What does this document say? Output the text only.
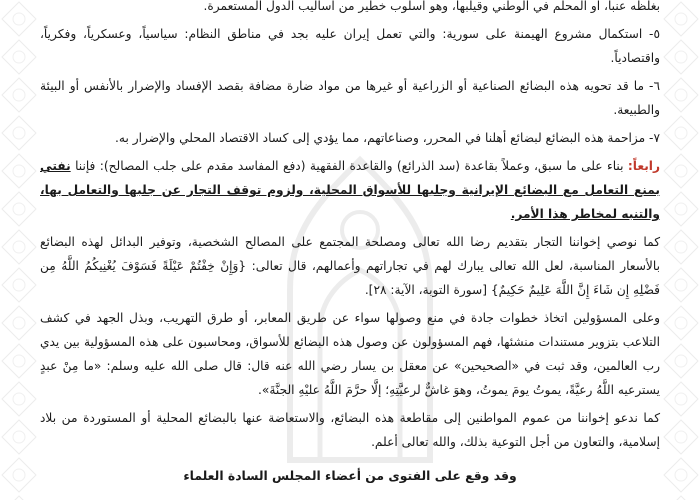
بغلظه عنبا، او المحلم في الوطني وقيلبها، وهو اسلوب خطير من اساليب الدول المستعمرة.

٥- استكمال مشروع الهيمنة على سورية: والتي تعمل إيران عليه بجد في مناطق النظام: سياسياً، وعسكرياً، وفكرياً، واقتصادياً.

٦- ما قد تحويه هذه البضائع الصناعية أو الزراعية أو غيرها من مواد ضارة مضافة بقصد الإفساد والإضرار بالأنفس أو البيئة والطبيعة.

٧- مزاحمة هذه البضائع لبضائع أهلنا في المحرر، وصناعاتهم، مما يؤدي إلى كساد الاقتصاد المحلي والإضرار به.

رابعاً: بناء على ما سبق، وعملاً بقاعدة (سد الذرائع) والقاعدة الفقهية (دفع المفاسد مقدم على جلب المصالح): فإننا نفتي بمنع التعامل مع البضائع الإيرانية وجلبها للأسواق المحلية، ولزوم توقف التجار عن جلبها والتعامل بها، والتنبه لمخاطر هذا الأمر.

كما نوصي إخواننا التجار بتقديم رضا الله تعالى ومصلحة المجتمع على المصالح الشخصية، وتوفير البدائل لهذه البضائع بالأسعار المناسبة، لعل الله تعالى يبارك لهم في تجاراتهم وأعمالهم، قال تعالى: {وَإِنْ خِفْتُمْ عَيْلَةً فَسَوْفَ يُغْنِيكُمُ اللَّهُ مِن فَضْلِهِ إِن شَاءَ إِنَّ اللَّهَ عَلِيمٌ حَكِيمٌ} [سورة التوبة، الآية: ٢٨].

وعلى المسؤولين اتخاذ خطوات جادة في منع وصولها سواء عن طريق المعابر، أو طرق التهريب، وبذل الجهد في كشف التلاعب بتزوير مستندات منشئها، فهم المسؤولون عن وصول هذه البضائع للأسواق، ومحاسبون على هذه المسؤولية بين يدي رب العالمين، وقد ثبت في «الصحيحين» عن معقل بن يسار رضي الله عنه قال: قال صلى الله عليه وسلم: «ما مِنْ عبدٍ يسترعيه اللَّهُ رعيَّةً، يموتُ يومَ يموتُ، وهوَ غاشٌّ لرعيَّتِهِ؛ إلَّا حرَّمَ اللَّهُ عليْهِ الجنَّةَ».

كما ندعو إخواننا من عموم المواطنين إلى مقاطعة هذه البضائع، والاستعاضة عنها بالبضائع المحلية أو المستوردة من بلاد إسلامية، والتعاون من أجل التوعية بذلك، والله تعالى أعلم.

وقد وقع على الفتوى من أعضاء المجلس السادة العلماء
